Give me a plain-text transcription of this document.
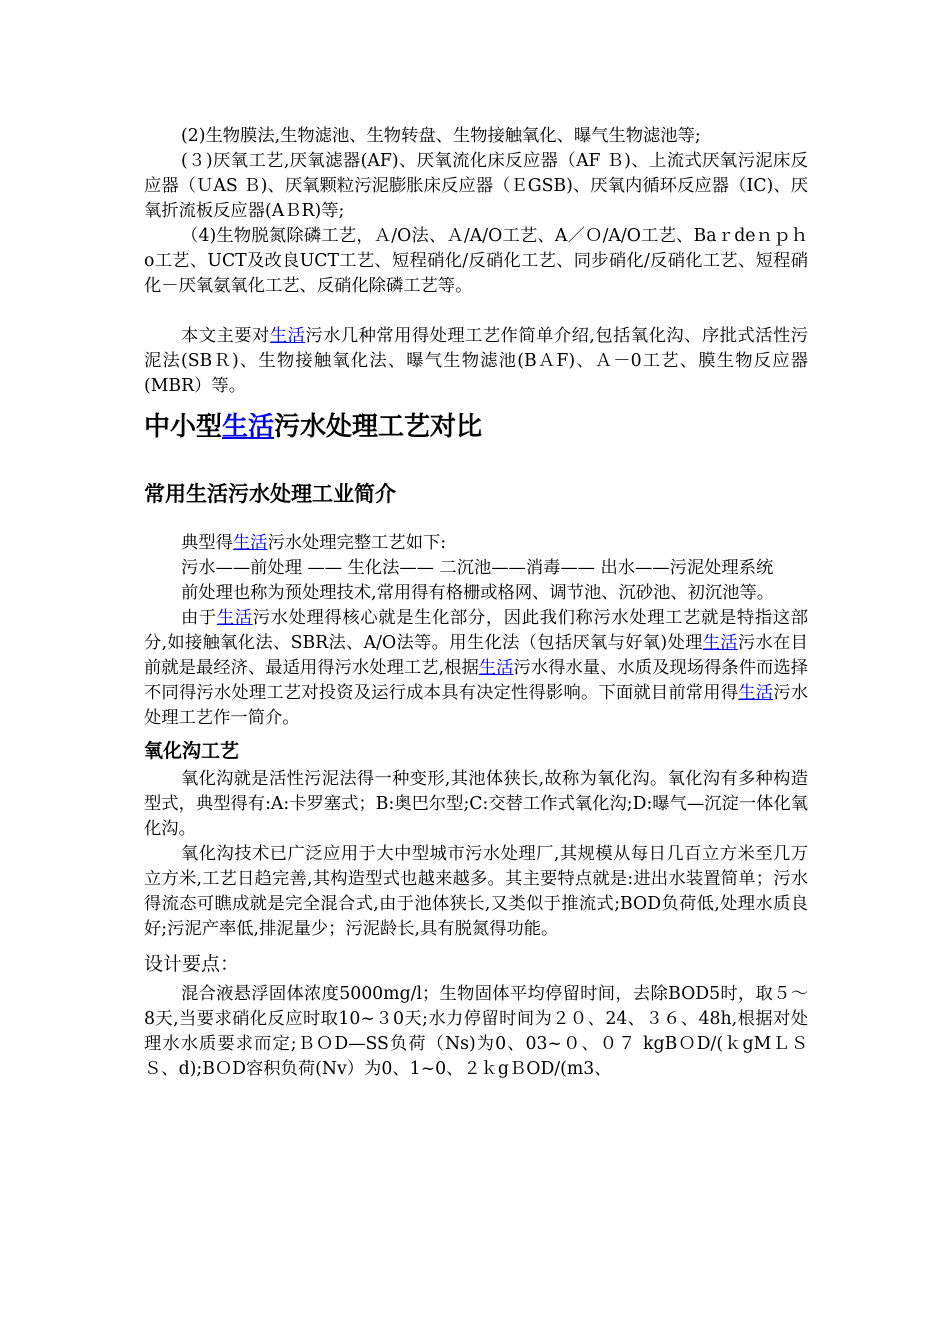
(2)生物膜法,生物滤池、生物转盘、生物接触氧化、曝气生物滤池等;

(３)厌氧工艺,厌氧滤器(AF)、厌氧流化床反应器（AF Ｂ)、上流式厌氧污泥床反应器（ＵAS Ｂ)、厌氧颗粒污泥膨胀床反应器（ＥGSB)、厌氧内循环反应器（IC)、厌氧折流板反应器(AＢR)等;

（4)生物脱氮除磷工艺，Ａ/O法、Ａ/A/O工艺、A／Ｏ/A/O工艺、Baｒdeｎｐｈo工艺、UCT及改良UCT工艺、短程硝化/反硝化工艺、同步硝化/反硝化工艺、短程硝化－厌氧氨氧化工艺、反硝化除磷工艺等。

本文主要对生活污水几种常用得处理工艺作简单介绍,包括氧化沟、序批式活性污泥法(SBＲ)、生物接触氧化法、曝气生物滤池(BＡF)、Ａ－0工艺、膜生物反应器(MBR）等。

中小型生活污水处理工艺对比
常用生活污水处理工业简介

典型得生活污水处理完整工艺如下:

污水——前处理 —— 生化法—— 二沉池——消毒—— 出水——污泥处理系统

前处理也称为预处理技术,常用得有格栅或格网、调节池、沉砂池、初沉池等。

由于生活污水处理得核心就是生化部分，因此我们称污水处理工艺就是特指这部分,如接触氧化法、SBR法、A/O法等。用生化法（包括厌氧与好氧)处理生活污水在目前就是最经济、最适用得污水处理工艺,根据生活污水得水量、水质及现场得条件而选择不同得污水处理工艺对投资及运行成本具有决定性得影响。下面就目前常用得生活污水处理工艺作一简介。

氧化沟工艺

氧化沟就是活性污泥法得一种变形,其池体狭长,故称为氧化沟。氧化沟有多种构造型式，典型得有:A:卡罗塞式；B:奥巴尔型;C:交替工作式氧化沟;D:曝气—沉淀一体化氧化沟。

氧化沟技术已广泛应用于大中型城市污水处理厂,其规模从每日几百立方米至几万立方米,工艺日趋完善,其构造型式也越来越多。其主要特点就是:进出水装置简单；污水得流态可瞧成就是完全混合式,由于池体狭长,又类似于推流式;BOD负荷低,处理水质良好;污泥产率低,排泥量少；污泥龄长,具有脱氮得功能。

设计要点：

混合液悬浮固体浓度5000mg/l；生物固体平均停留时间，去除BOD5时，取５～8天,当要求硝化反应时取10~３0天;水力停留时间为２０、24、３６、48h,根据对处理水水质要求而定;ＢＯD—SS负荷（Ns)为0、03~０、０７ kgBＯD/(ｋgMＬＳＳ、d);BＯD容积负荷(Nv）为0、1~0、２ｋgＢOD/(m3、
